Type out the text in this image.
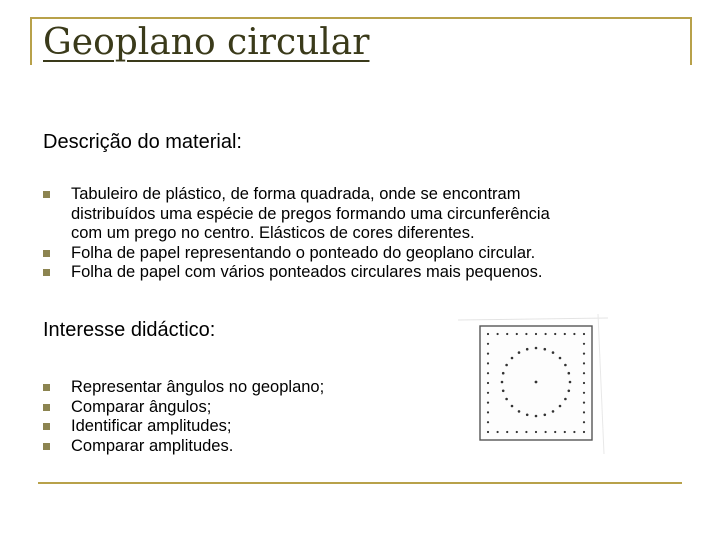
Geoplano circular
Descrição do material:
Tabuleiro de plástico, de forma quadrada, onde se encontram
distribuídos uma espécie de pregos formando uma circunferência
com um prego no centro. Elásticos de cores diferentes.
Folha de papel representando o ponteado do geoplano circular.
Folha de papel com vários ponteados circulares mais pequenos.
Interesse didáctico:
Representar ângulos no geoplano;
Comparar ângulos;
Identificar amplitudes;
Comparar amplitudes.
